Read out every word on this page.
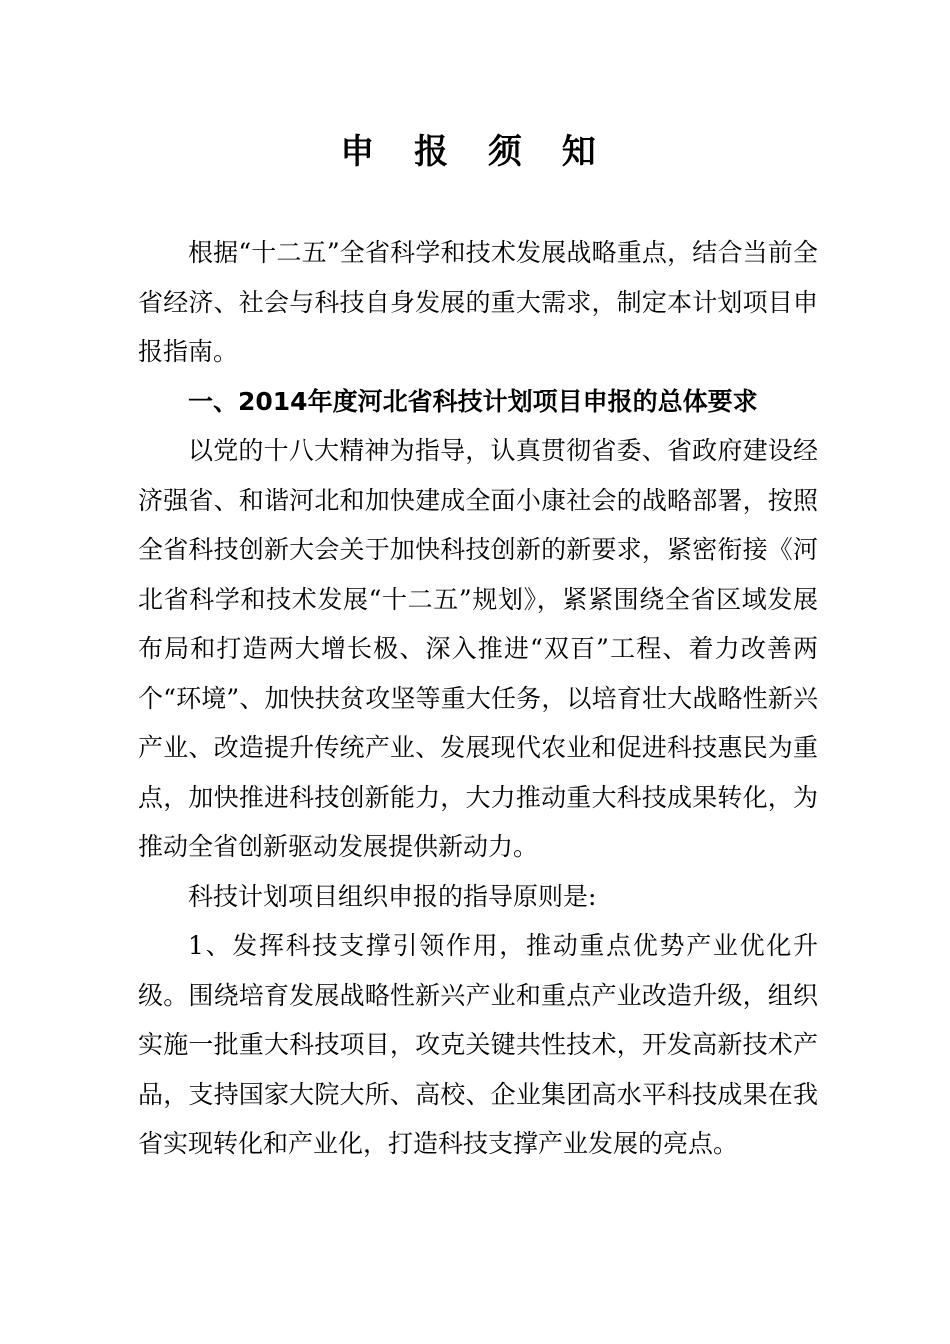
申 报 须 知

根据“十二五”全省科学和技术发展战略重点，结合当前全省经济、社会与科技自身发展的重大需求，制定本计划项目申报指南。

一、2014年度河北省科技计划项目申报的总体要求

以党的十八大精神为指导，认真贯彻省委、省政府建设经济强省、和谐河北和加快建成全面小康社会的战略部署，按照全省科技创新大会关于加快科技创新的新要求，紧密衔接《河北省科学和技术发展“十二五”规划》，紧紧围绕全省区域发展布局和打造两大增长极、深入推进“双百”工程、着力改善两个“环境”、加快扶贫攻坚等重大任务，以培育壮大战略性新兴产业、改造提升传统产业、发展现代农业和促进科技惠民为重点，加快推进科技创新能力，大力推动重大科技成果转化，为推动全省创新驱动发展提供新动力。

科技计划项目组织申报的指导原则是:

1、发挥科技支撑引领作用，推动重点优势产业优化升级。围绕培育发展战略性新兴产业和重点产业改造升级，组织实施一批重大科技项目，攻克关键共性技术，开发高新技术产品，支持国家大院大所、高校、企业集团高水平科技成果在我省实现转化和产业化，打造科技支撑产业发展的亮点。
